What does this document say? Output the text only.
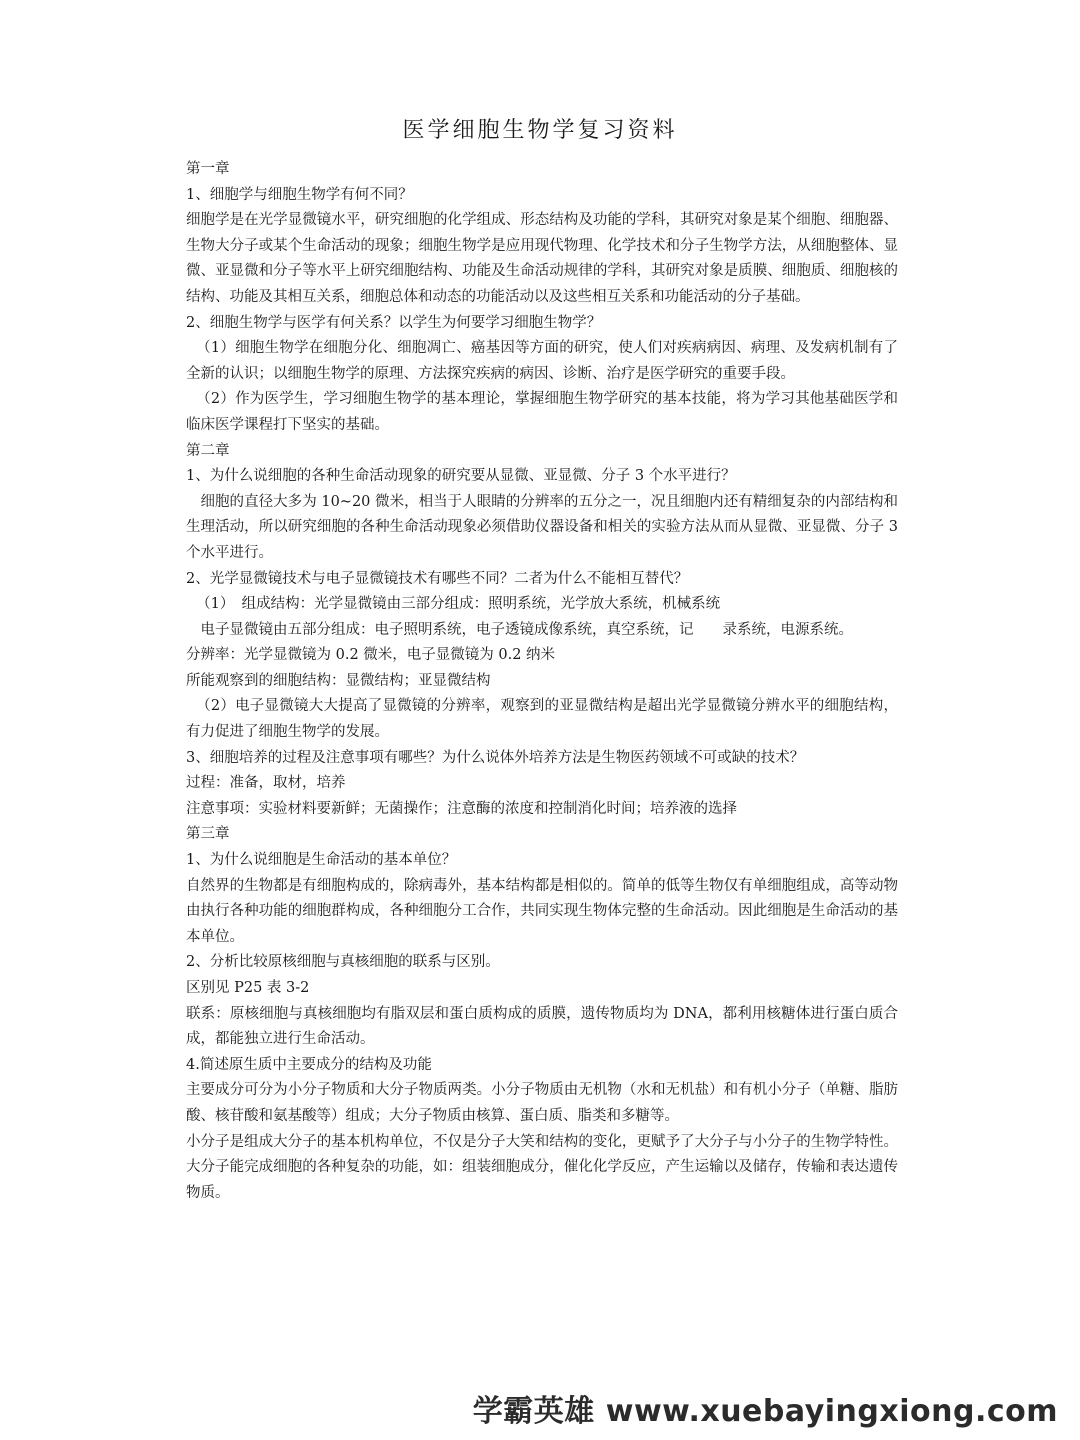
医学细胞生物学复习资料

第一章

1、细胞学与细胞生物学有何不同？

细胞学是在光学显微镜水平，研究细胞的化学组成、形态结构及功能的学科，其研究对象是某个细胞、细胞器、生物大分子或某个生命活动的现象；细胞生物学是应用现代物理、化学技术和分子生物学方法，从细胞整体、显微、亚显微和分子等水平上研究细胞结构、功能及生命活动规律的学科，其研究对象是质膜、细胞质、细胞核的结构、功能及其相互关系，细胞总体和动态的功能活动以及这些相互关系和功能活动的分子基础。

2、细胞生物学与医学有何关系？以学生为何要学习细胞生物学？

（1）细胞生物学在细胞分化、细胞凋亡、癌基因等方面的研究，使人们对疾病病因、病理、及发病机制有了全新的认识；以细胞生物学的原理、方法探究疾病的病因、诊断、治疗是医学研究的重要手段。

（2）作为医学生，学习细胞生物学的基本理论，掌握细胞生物学研究的基本技能，将为学习其他基础医学和临床医学课程打下坚实的基础。

第二章

1、为什么说细胞的各种生命活动现象的研究要从显微、亚显微、分子 3 个水平进行？

细胞的直径大多为 10~20 微米，相当于人眼睛的分辨率的五分之一，况且细胞内还有精细复杂的内部结构和生理活动，所以研究细胞的各种生命活动现象必须借助仪器设备和相关的实验方法从而从显微、亚显微、分子 3 个水平进行。

2、光学显微镜技术与电子显微镜技术有哪些不同？二者为什么不能相互替代？

（1）　组成结构：光学显微镜由三部分组成：照明系统，光学放大系统，机械系统

电子显微镜由五部分组成：电子照明系统，电子透镜成像系统，真空系统，记　　录系统，电源系统。

分辨率：光学显微镜为 0.2 微米，电子显微镜为 0.2 纳米

所能观察到的细胞结构：显微结构；亚显微结构

（2）电子显微镜大大提高了显微镜的分辨率，观察到的亚显微结构是超出光学显微镜分辨水平的细胞结构，有力促进了细胞生物学的发展。

3、细胞培养的过程及注意事项有哪些？为什么说体外培养方法是生物医药领域不可或缺的技术？

过程：准备，取材，培养

注意事项：实验材料要新鲜；无菌操作；注意酶的浓度和控制消化时间；培养液的选择

第三章

1、为什么说细胞是生命活动的基本单位？

自然界的生物都是有细胞构成的，除病毒外，基本结构都是相似的。简单的低等生物仅有单细胞组成，高等动物由执行各种功能的细胞群构成，各种细胞分工合作，共同实现生物体完整的生命活动。因此细胞是生命活动的基本单位。

2、分析比较原核细胞与真核细胞的联系与区别。

区别见 P25 表 3-2

联系：原核细胞与真核细胞均有脂双层和蛋白质构成的质膜，遗传物质均为 DNA，都利用核糖体进行蛋白质合成，都能独立进行生命活动。

4.简述原生质中主要成分的结构及功能

主要成分可分为小分子物质和大分子物质两类。小分子物质由无机物（水和无机盐）和有机小分子（单糖、脂肪酸、核苷酸和氨基酸等）组成；大分子物质由核算、蛋白质、脂类和多糖等。

小分子是组成大分子的基本机构单位，不仅是分子大笑和结构的变化，更赋予了大分子与小分子的生物学特性。大分子能完成细胞的各种复杂的功能，如：组装细胞成分，催化化学反应，产生运输以及储存，传输和表达遗传物质。

学霸英雄 www.xuebayingxiong.com
